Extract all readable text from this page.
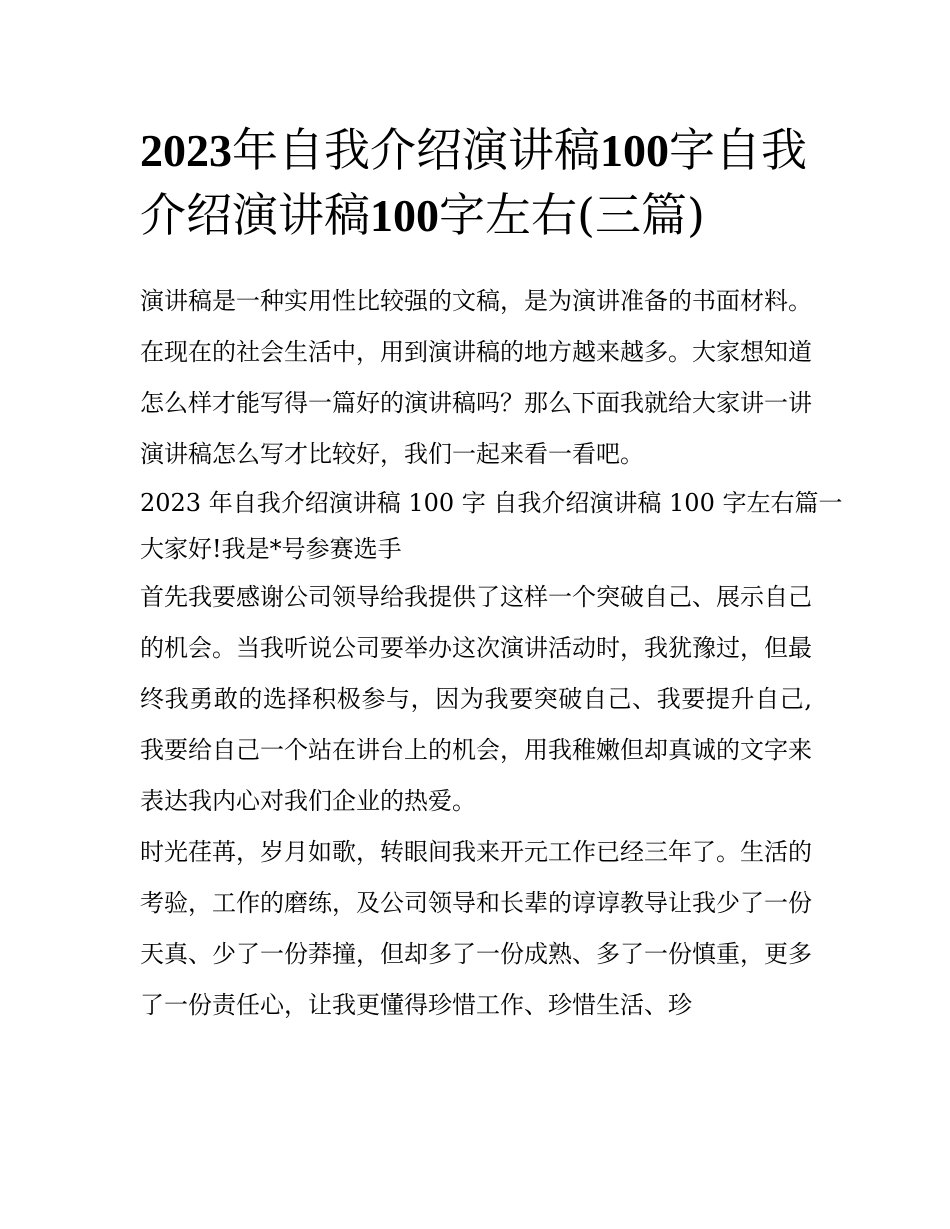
2023年自我介绍演讲稿100字自我介绍演讲稿100字左右(三篇)

演讲稿是一种实用性比较强的文稿，是为演讲准备的书面材料。在现在的社会生活中，用到演讲稿的地方越来越多。大家想知道怎么样才能写得一篇好的演讲稿吗？那么下面我就给大家讲一讲演讲稿怎么写才比较好，我们一起来看一看吧。

2023 年自我介绍演讲稿 100 字 自我介绍演讲稿 100 字左右篇一

大家好!我是*号参赛选手

首先我要感谢公司领导给我提供了这样一个突破自己、展示自己的机会。当我听说公司要举办这次演讲活动时，我犹豫过，但最终我勇敢的选择积极参与，因为我要突破自己、我要提升自己,我要给自己一个站在讲台上的机会，用我稚嫩但却真诚的文字来表达我内心对我们企业的热爱。

时光荏苒，岁月如歌，转眼间我来开元工作已经三年了。生活的考验，工作的磨练，及公司领导和长辈的谆谆教导让我少了一份天真、少了一份莽撞，但却多了一份成熟、多了一份慎重，更多了一份责任心，让我更懂得珍惜工作、珍惜生活、珍
